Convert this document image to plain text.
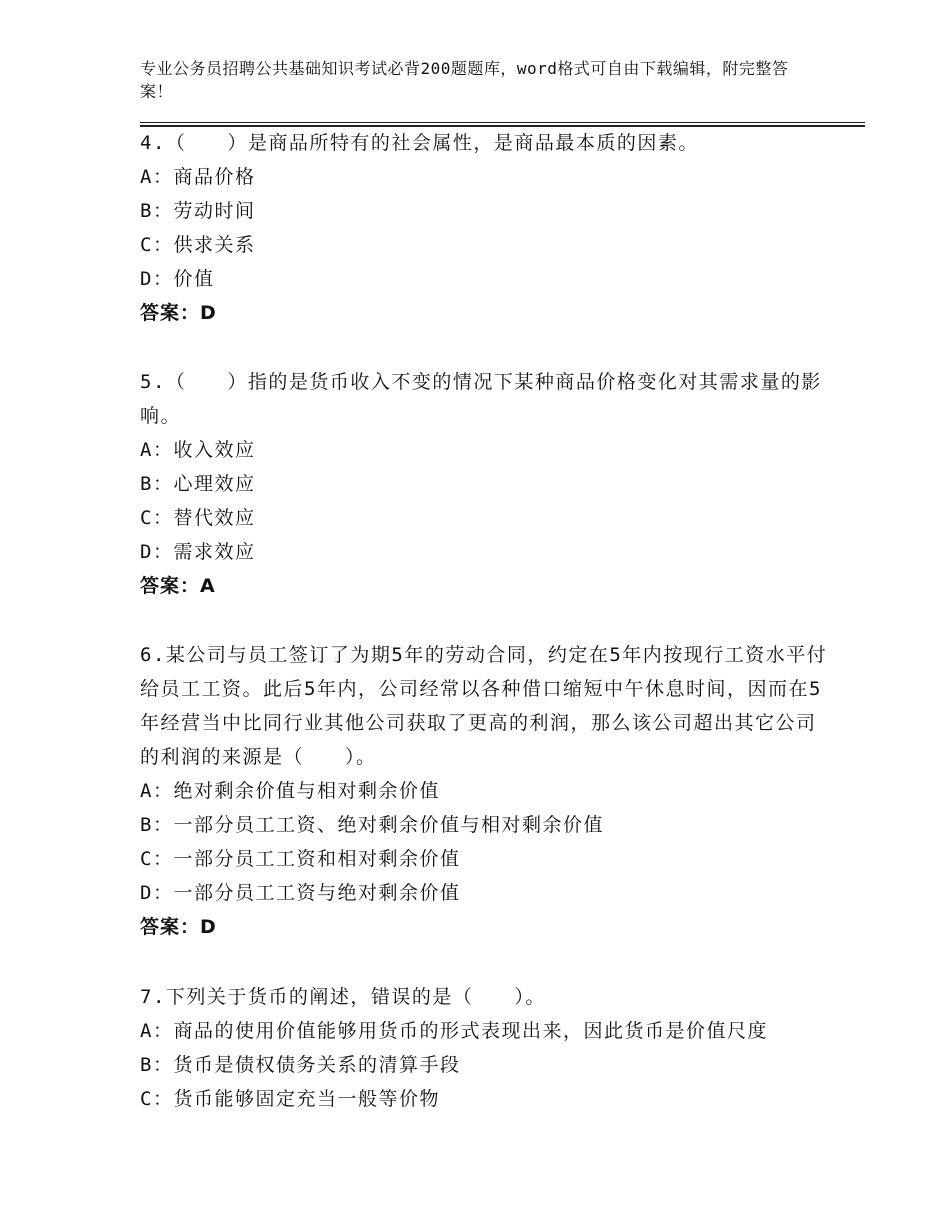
专业公务员招聘公共基础知识考试必背200题题库，word格式可自由下载编辑，附完整答案！
4.（　　）是商品所特有的社会属性，是商品最本质的因素。
A：商品价格
B：劳动时间
C：供求关系
D：价值
答案：D
5.（　　）指的是货币收入不变的情况下某种商品价格变化对其需求量的影响。
A：收入效应
B：心理效应
C：替代效应
D：需求效应
答案：A
6.某公司与员工签订了为期5年的劳动合同，约定在5年内按现行工资水平付给员工工资。此后5年内，公司经常以各种借口缩短中午休息时间，因而在5年经营当中比同行业其他公司获取了更高的利润，那么该公司超出其它公司的利润的来源是（　　）。
A：绝对剩余价值与相对剩余价值
B：一部分员工工资、绝对剩余价值与相对剩余价值
C：一部分员工工资和相对剩余价值
D：一部分员工工资与绝对剩余价值
答案：D
7.下列关于货币的阐述，错误的是（　　）。
A：商品的使用价值能够用货币的形式表现出来，因此货币是价值尺度
B：货币是债权债务关系的清算手段
C：货币能够固定充当一般等价物
